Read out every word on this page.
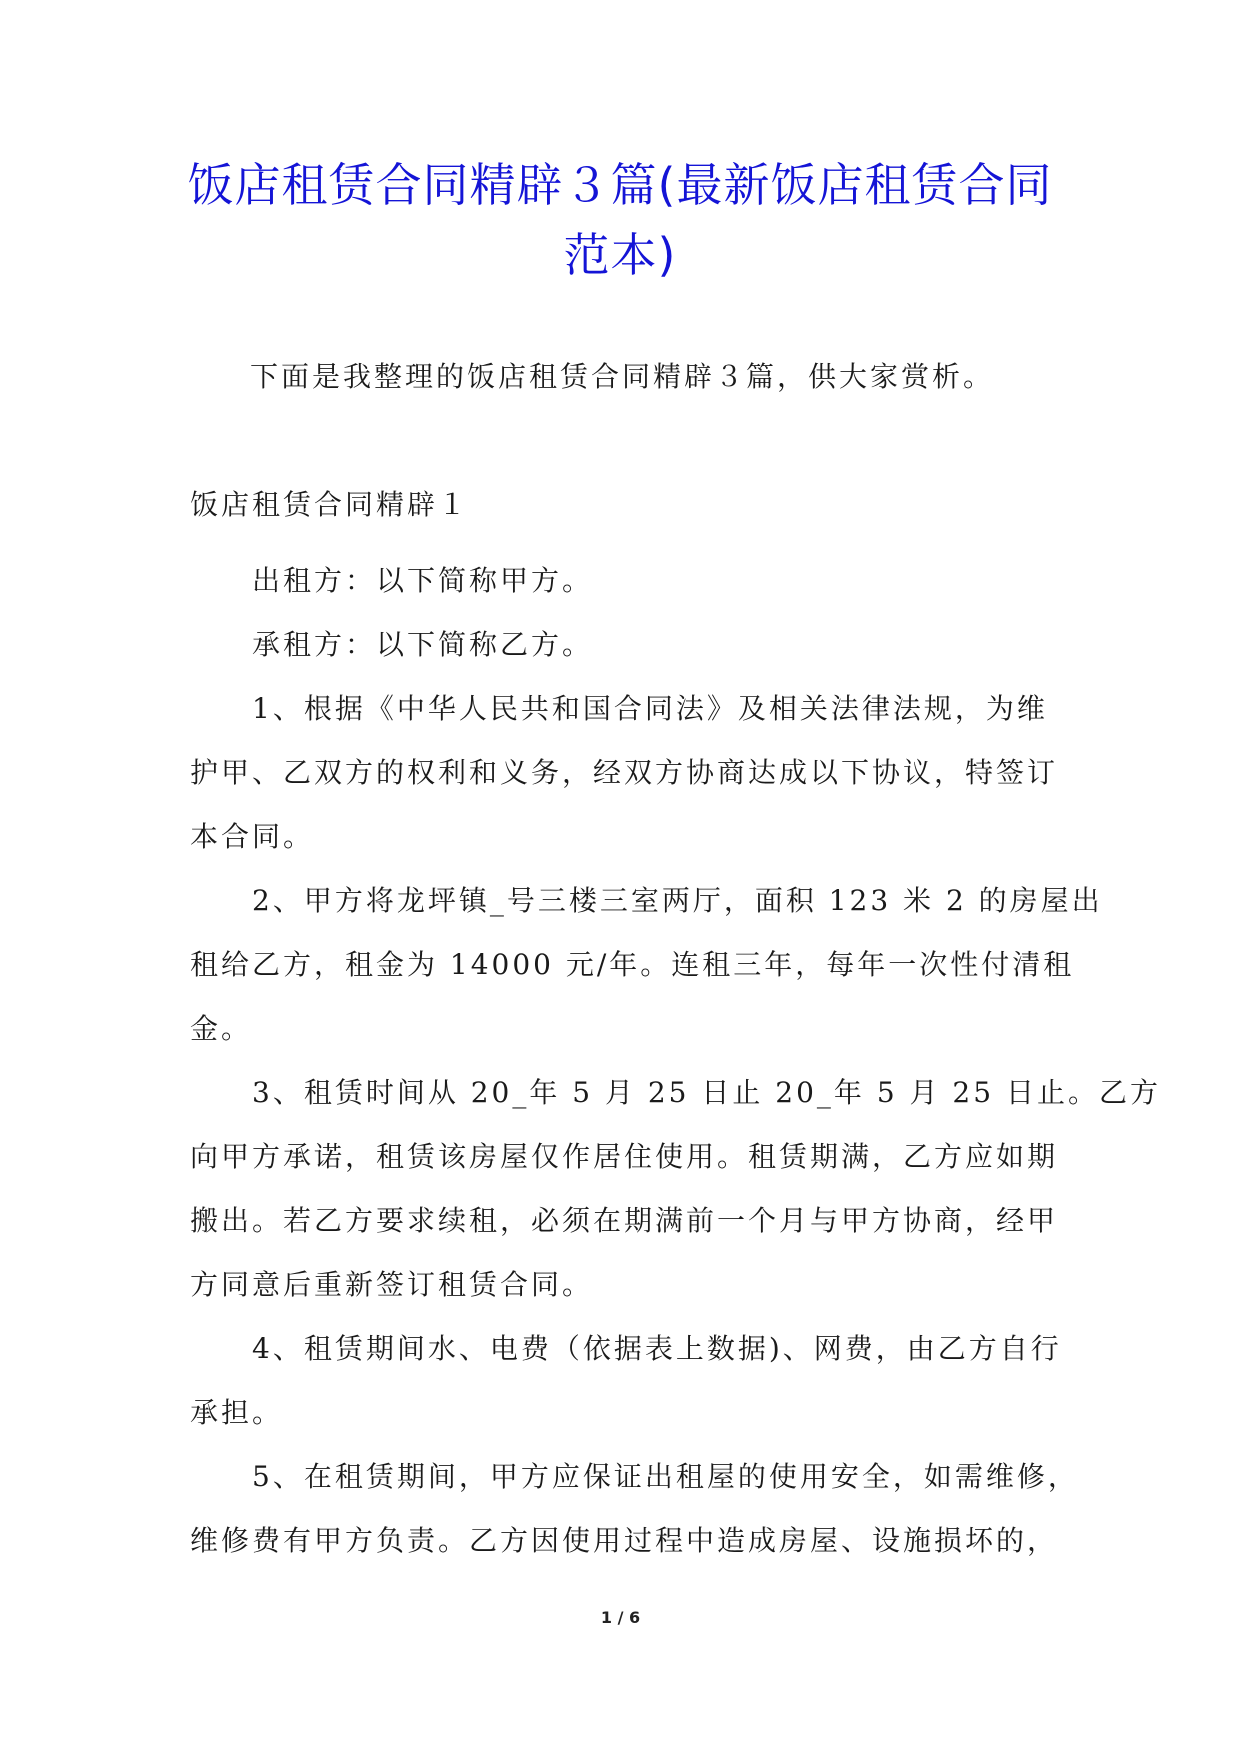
饭店租赁合同精辟３篇(最新饭店租赁合同
范本)
下面是我整理的饭店租赁合同精辟３篇，供大家赏析。

饭店租赁合同精辟１

出租方：以下简称甲方。
承租方：以下简称乙方。
1、根据《中华人民共和国合同法》及相关法律法规，为维
护甲、乙双方的权利和义务，经双方协商达成以下协议，特签订
本合同。
2、甲方将龙坪镇_号三楼三室两厅，面积 123 米 2 的房屋出
租给乙方，租金为 14000 元/年。连租三年，每年一次性付清租
金。
3、租赁时间从 20_年 5 月 25 日止 20_年 5 月 25 日止。乙方
向甲方承诺，租赁该房屋仅作居住使用。租赁期满，乙方应如期
搬出。若乙方要求续租，必须在期满前一个月与甲方协商，经甲
方同意后重新签订租赁合同。
4、租赁期间水、电费（依据表上数据)、网费，由乙方自行
承担。
5、在租赁期间，甲方应保证出租屋的使用安全，如需维修，
维修费有甲方负责。乙方因使用过程中造成房屋、设施损坏的，
1 / 6
